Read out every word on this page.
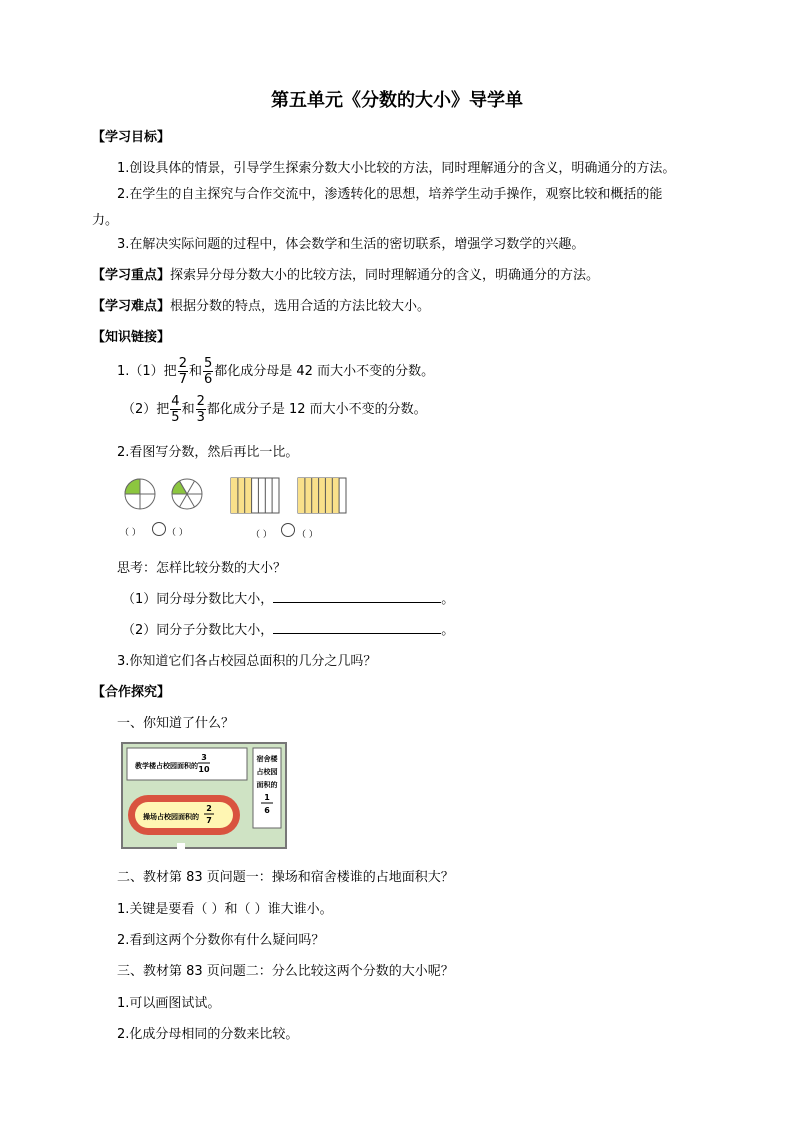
第五单元《分数的大小》导学单
【学习目标】
1.创设具体的情景，引导学生探索分数大小比较的方法，同时理解通分的含义，明确通分的方法。
2.在学生的自主探究与合作交流中，渗透转化的思想，培养学生动手操作，观察比较和概括的能
力。
3.在解决实际问题的过程中，体会数学和生活的密切联系，增强学习数学的兴趣。
【学习重点】探索异分母分数大小的比较方法，同时理解通分的含义，明确通分的方法。
【学习难点】根据分数的特点，选用合适的方法比较大小。
【知识链接】
1.（1）把 $\frac{2}{7}$ 和 $\frac{5}{6}$ 都化成分母是 42 而大小不变的分数。
（2）把 $\frac{4}{5}$ 和 $\frac{2}{3}$ 都化成分子是 12 而大小不变的分数。
2.看图写分数，然后再比一比。
（ ）	（ ）	（ ）	（ ）
思考：怎样比较分数的大小？
（1）同分母分数比大小，	。
（2）同分子分数比大小，	。
3.你知道它们各占校园总面积的几分之几吗？
【合作探究】
一、你知道了什么？
教学楼占校园面积的
3
10
宿舍楼
占校园
面积的
1
6
操场占校园面积的
2
7
二、教材第 83 页问题一：操场和宿舍楼谁的占地面积大？
1.关键是要看（ ）和（ ）谁大谁小。
2.看到这两个分数你有什么疑问吗？
三、教材第 83 页问题二：分么比较这两个分数的大小呢？
1.可以画图试试。
2.化成分母相同的分数来比较。
